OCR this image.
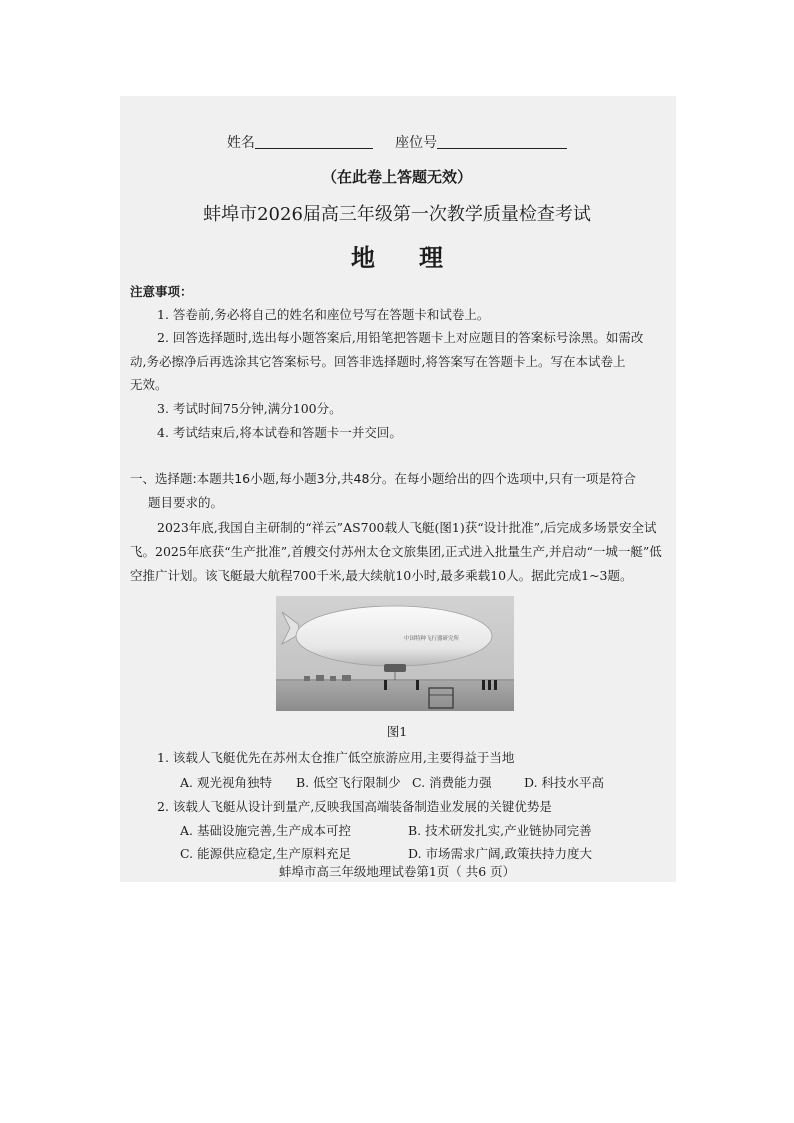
姓名	座位号
（在此卷上答题无效）
蚌埠市2026届高三年级第一次教学质量检查考试
地理
注意事项：
1. 答卷前,务必将自己的姓名和座位号写在答题卡和试卷上。
2. 回答选择题时,选出每小题答案后,用铅笔把答题卡上对应题目的答案标号涂黑。如需改
动,务必擦净后再选涂其它答案标号。回答非选择题时,将答案写在答题卡上。写在本试卷上
无效。
3. 考试时间75分钟,满分100分。
4. 考试结束后,将本试卷和答题卡一并交回。
一、选择题:本题共16小题,每小题3分,共48分。在每小题给出的四个选项中,只有一项是符合
题目要求的。
2023年底,我国自主研制的“祥云”AS700载人飞艇(图1)获“设计批准”,后完成多场景安全试
飞。2025年底获“生产批准”,首艘交付苏州太仓文旅集团,正式进入批量生产,并启动“一城一艇”低
空推广计划。该飞艇最大航程700千米,最大续航10小时,最多乘载10人。据此完成1~3题。
中国特种飞行器研究所
图1
1. 该载人飞艇优先在苏州太仓推广低空旅游应用,主要得益于当地
A. 观光视角独特 B. 低空飞行限制少 C. 消费能力强	D. 科技水平高
2. 该载人飞艇从设计到量产,反映我国高端装备制造业发展的关键优势是
A. 基础设施完善,生产成本可控	B. 技术研发扎实,产业链协同完善
C. 能源供应稳定,生产原料充足	D. 市场需求广阔,政策扶持力度大
蚌埠市高三年级地理试卷第1页（ 共6 页）
